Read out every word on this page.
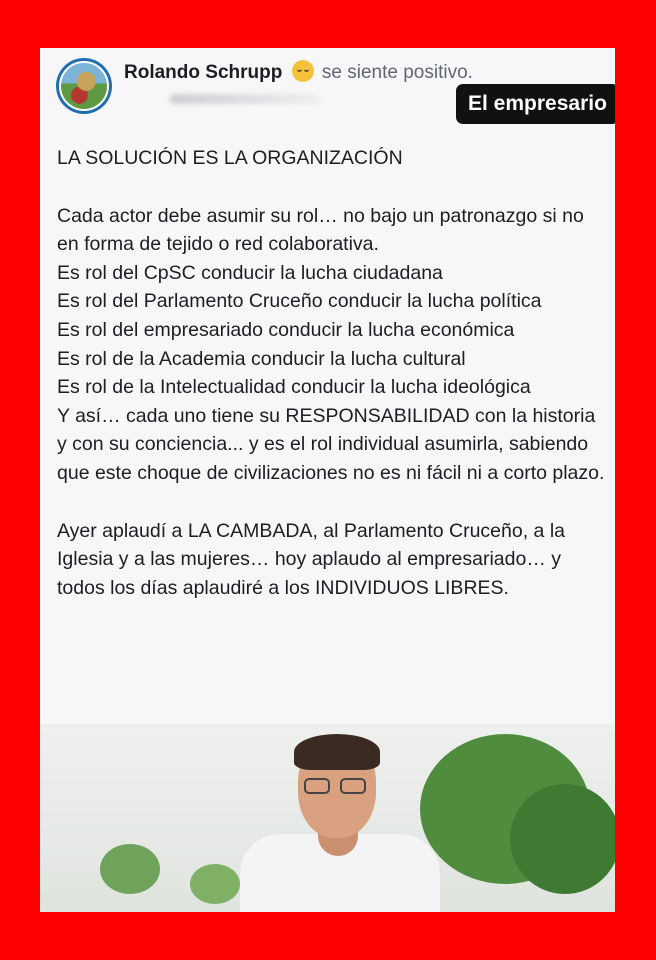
Rolando Schrupp se siente positivo.
El empresario

LA SOLUCIÓN ES LA ORGANIZACIÓN

Cada actor debe asumir su rol… no bajo un patronazgo si no en forma de tejido o red colaborativa.

Es rol del CpSC conducir la lucha ciudadana

Es rol del Parlamento Cruceño conducir la lucha política

Es rol del empresariado conducir la lucha económica

Es rol de la Academia conducir la lucha cultural

Es rol de la Intelectualidad conducir la lucha ideológica

Y así… cada uno tiene su RESPONSABILIDAD con la historia y con su conciencia... y es el rol individual asumirla, sabiendo que este choque de civilizaciones no es ni fácil ni a corto plazo.

Ayer aplaudí a LA CAMBADA, al Parlamento Cruceño, a la Iglesia y a las mujeres… hoy aplaudo al empresariado… y todos los días aplaudiré a los INDIVIDUOS LIBRES.
